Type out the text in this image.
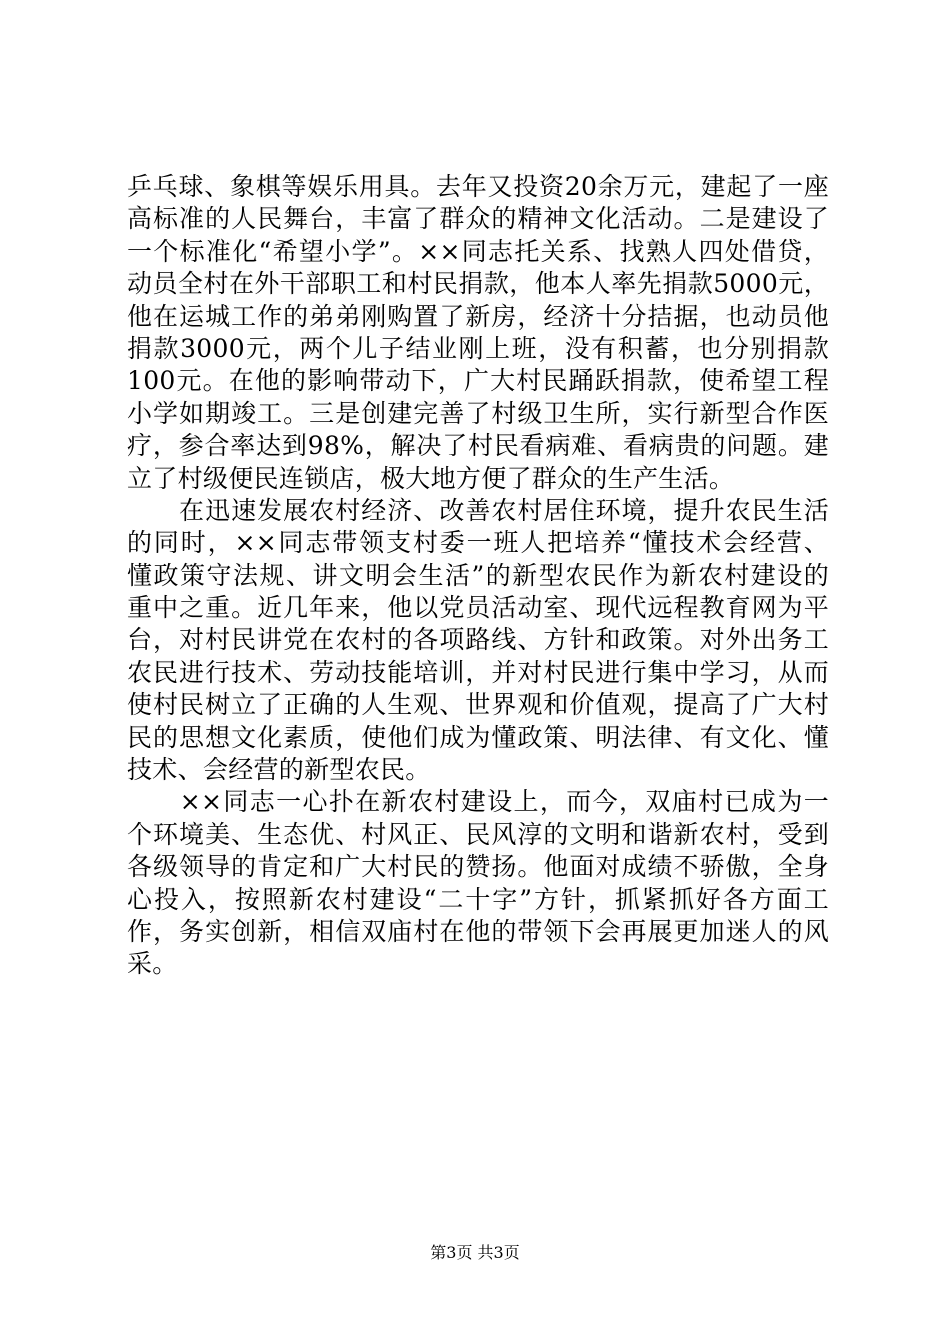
乒乓球、象棋等娱乐用具。去年又投资20余万元，建起了一座
高标准的人民舞台，丰富了群众的精神文化活动。二是建设了
一个标准化“希望小学”。××同志托关系、找熟人四处借贷，
动员全村在外干部职工和村民捐款，他本人率先捐款5000元，
他在运城工作的弟弟刚购置了新房，经济十分拮据，也动员他
捐款3000元，两个儿子结业刚上班，没有积蓄，也分别捐款
100元。在他的影响带动下，广大村民踊跃捐款，使希望工程
小学如期竣工。三是创建完善了村级卫生所，实行新型合作医
疗，参合率达到98%，解决了村民看病难、看病贵的问题。建
立了村级便民连锁店，极大地方便了群众的生产生活。
　　在迅速发展农村经济、改善农村居住环境，提升农民生活
的同时，××同志带领支村委一班人把培养“懂技术会经营、
懂政策守法规、讲文明会生活”的新型农民作为新农村建设的
重中之重。近几年来，他以党员活动室、现代远程教育网为平
台，对村民讲党在农村的各项路线、方针和政策。对外出务工
农民进行技术、劳动技能培训，并对村民进行集中学习，从而
使村民树立了正确的人生观、世界观和价值观，提高了广大村
民的思想文化素质，使他们成为懂政策、明法律、有文化、懂
技术、会经营的新型农民。
　　××同志一心扑在新农村建设上，而今，双庙村已成为一
个环境美、生态优、村风正、民风淳的文明和谐新农村，受到
各级领导的肯定和广大村民的赞扬。他面对成绩不骄傲，全身
心投入，按照新农村建设“二十字”方针，抓紧抓好各方面工
作，务实创新，相信双庙村在他的带领下会再展更加迷人的风
采。
第3页 共3页
